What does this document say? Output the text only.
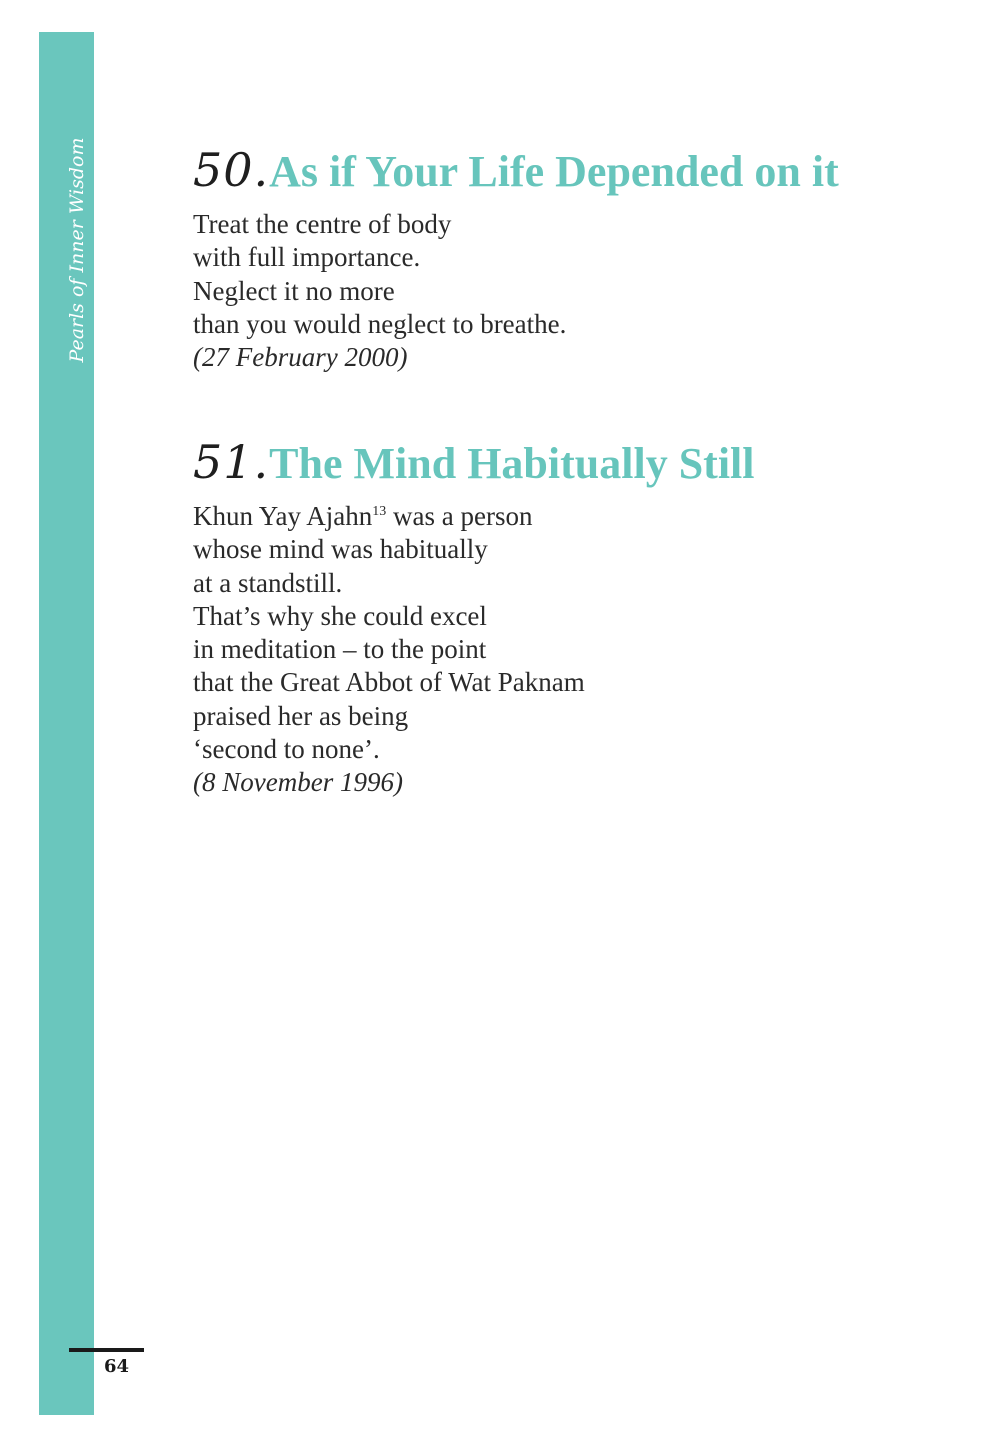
Pearls of Inner Wisdom 50.As if Your Life Depended on it
Treat the centre of body
with full importance.
Neglect it no more
than you would neglect to breathe.
(27 February 2000)
51.The Mind Habitually Still
Khun Yay Ajahn$^{13}$ was a person
whose mind was habitually
at a standstill.
That’s why she could excel
in meditation – to the point
that the Great Abbot of Wat Paknam
praised her as being
‘second to none’.
(8 November 1996)
64
